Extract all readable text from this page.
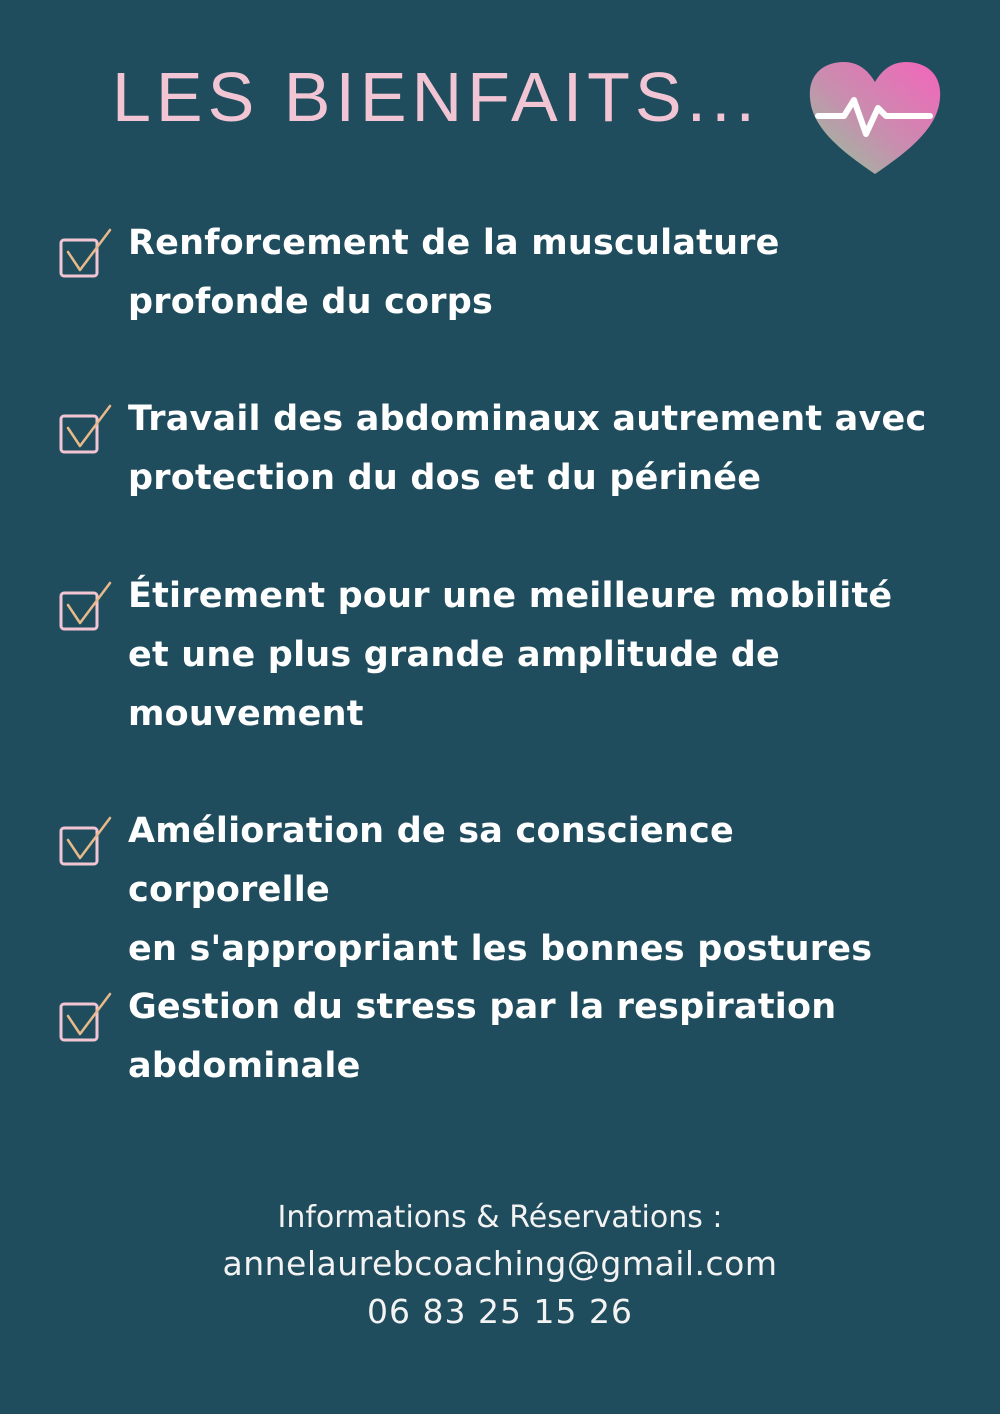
LES BIENFAITS...
Renforcement de la musculature
profonde du corps
Travail des abdominaux autrement avec
protection du dos et du périnée
Étirement pour une meilleure mobilité
et une plus grande amplitude de
mouvement
Amélioration de sa conscience corporelle
en s'appropriant les bonnes postures
Gestion du stress par la respiration
abdominale
Informations & Réservations :
annelaurebcoaching@gmail.com
06 83 25 15 26
